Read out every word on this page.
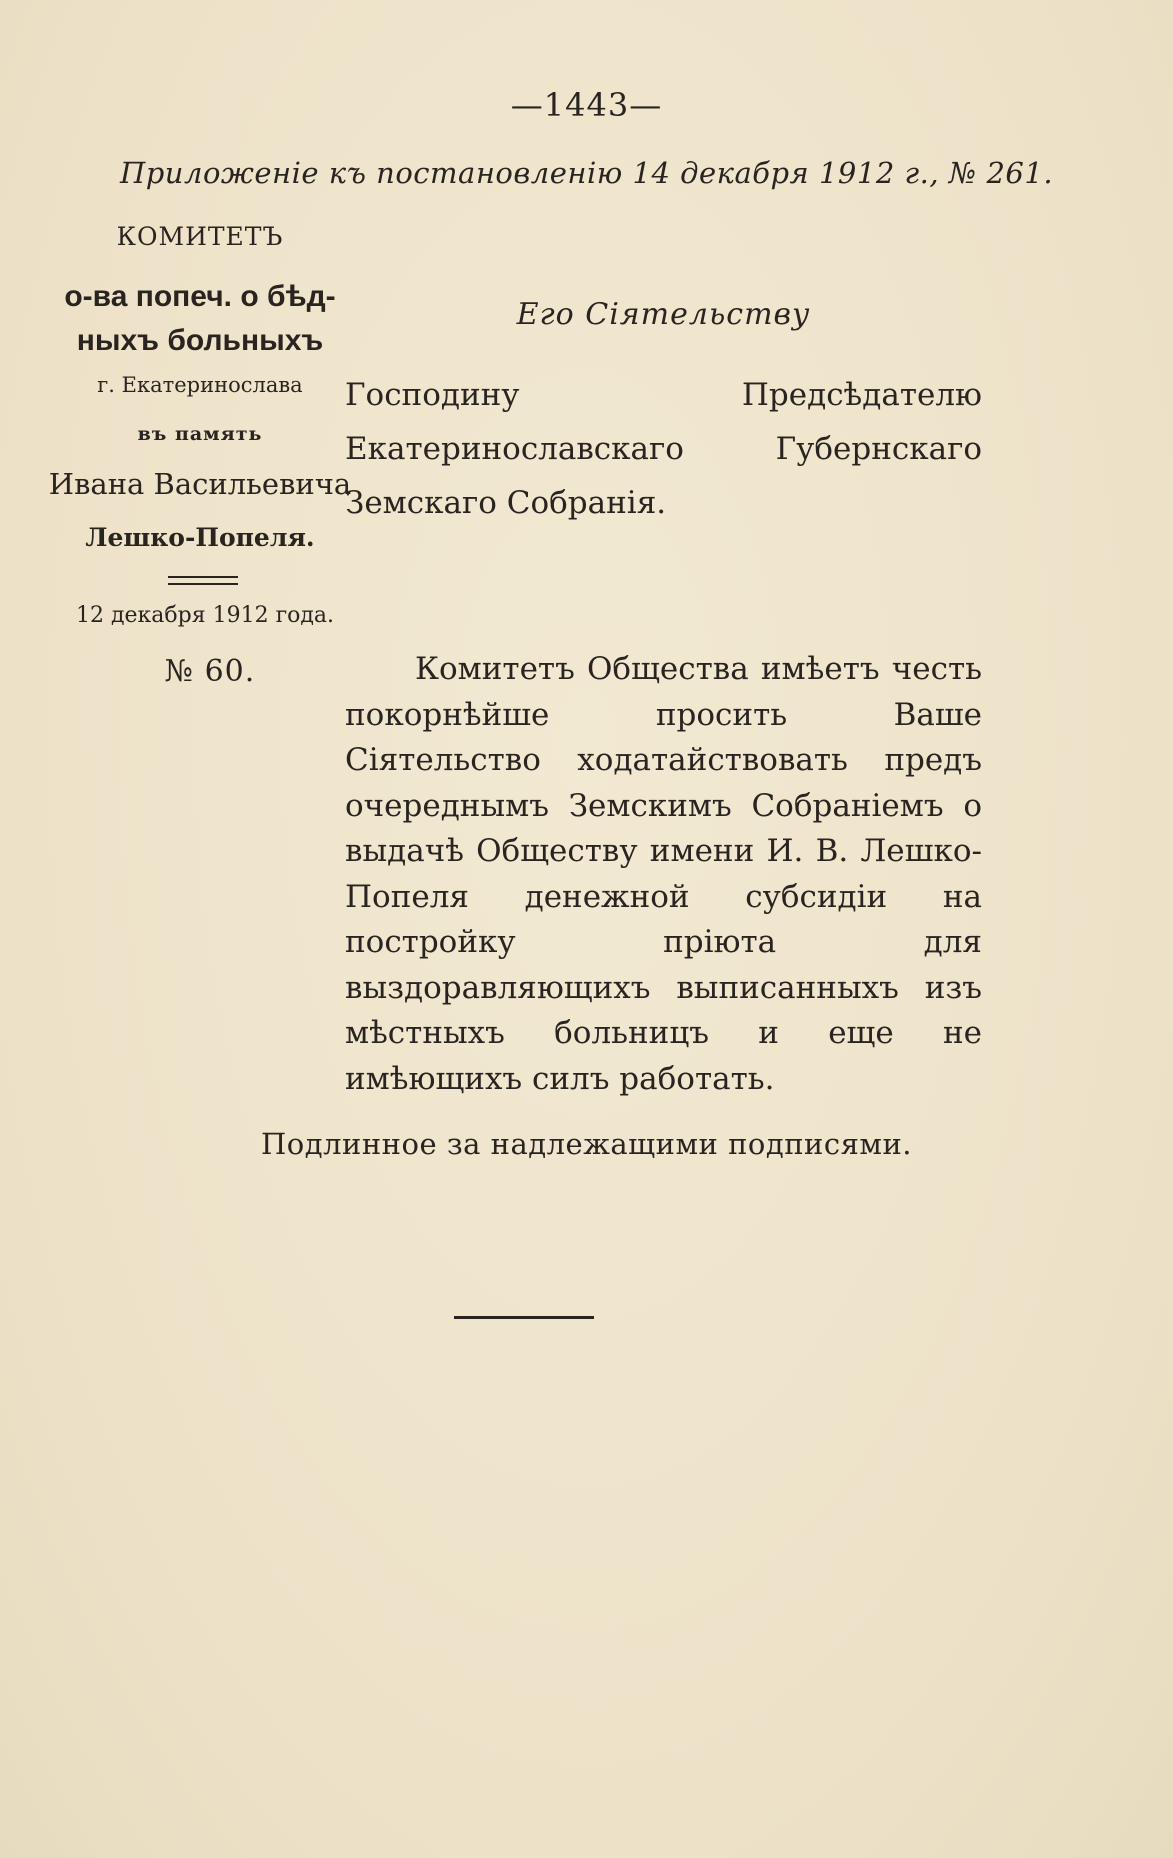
—1443—
Приложенiе къ постановленiю 14 декабря 1912 г., № 261.
КОМИТЕТЪ
о-ва попеч. о бѣд-ныхъ больныхъ
г. Екатеринослава
въ память
Ивана Васильевича
Лешко-Попеля.
12 декабря 1912 года.
№ 60.
Его Сiятельству
Господину Предсѣдателю Екатеринославскаго Губернскаго Земскаго Собранiя.
Комитетъ Общества имѣетъ честь покорнѣйше просить Ваше Сiятельство ходатайствовать предъ очереднымъ Земскимъ Собранiемъ о выдачѣ Обществу имени И. В. Лешко-Попеля денежной субсидiи на постройку прiюта для выздоравляющихъ выписанныхъ изъ мѣстныхъ больницъ и еще не имѣющихъ силъ работать.
Подлинное за надлежащими подписями.
